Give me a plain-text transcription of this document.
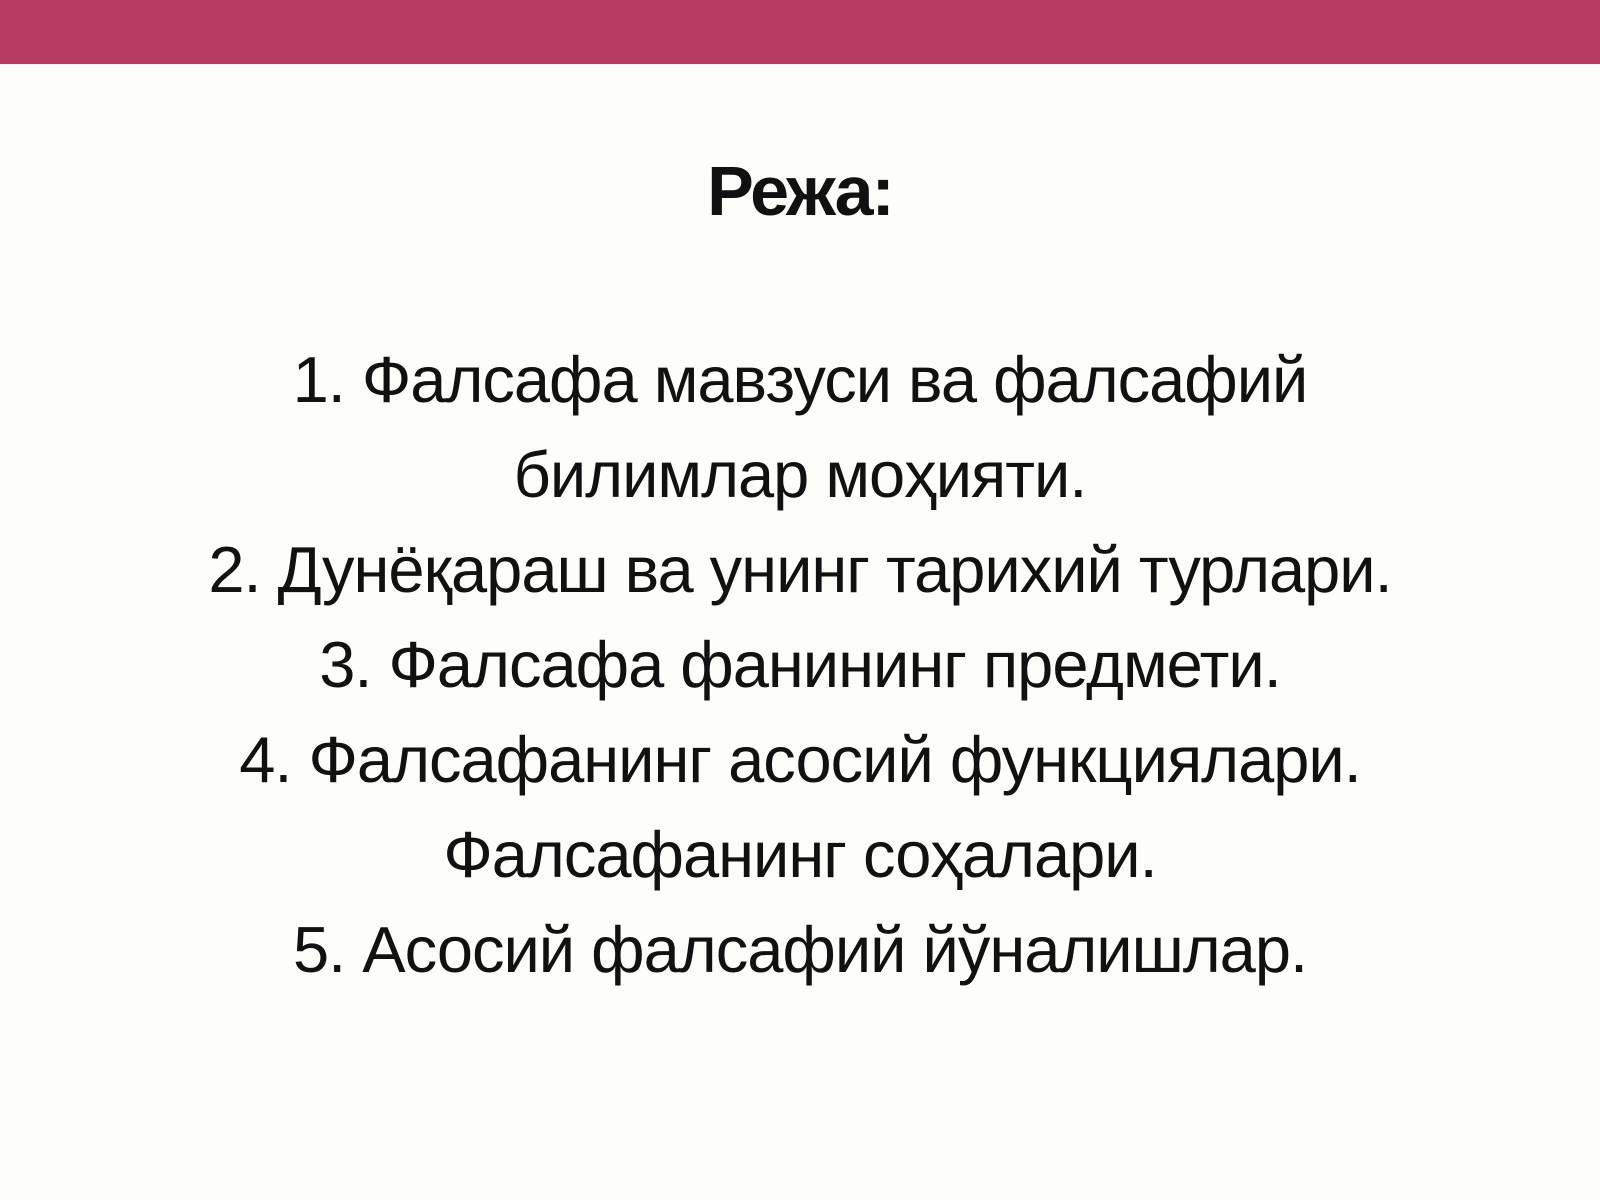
Режа:
1. Фалсафа мавзуси ва фалсафий
билимлар моҳияти.
2. Дунёқараш ва унинг тарихий турлари.
3. Фалсафа фанининг предмети.
4. Фалсафанинг асосий функциялари.
Фалсафанинг соҳалари.
5. Асосий фалсафий йўналишлар.
